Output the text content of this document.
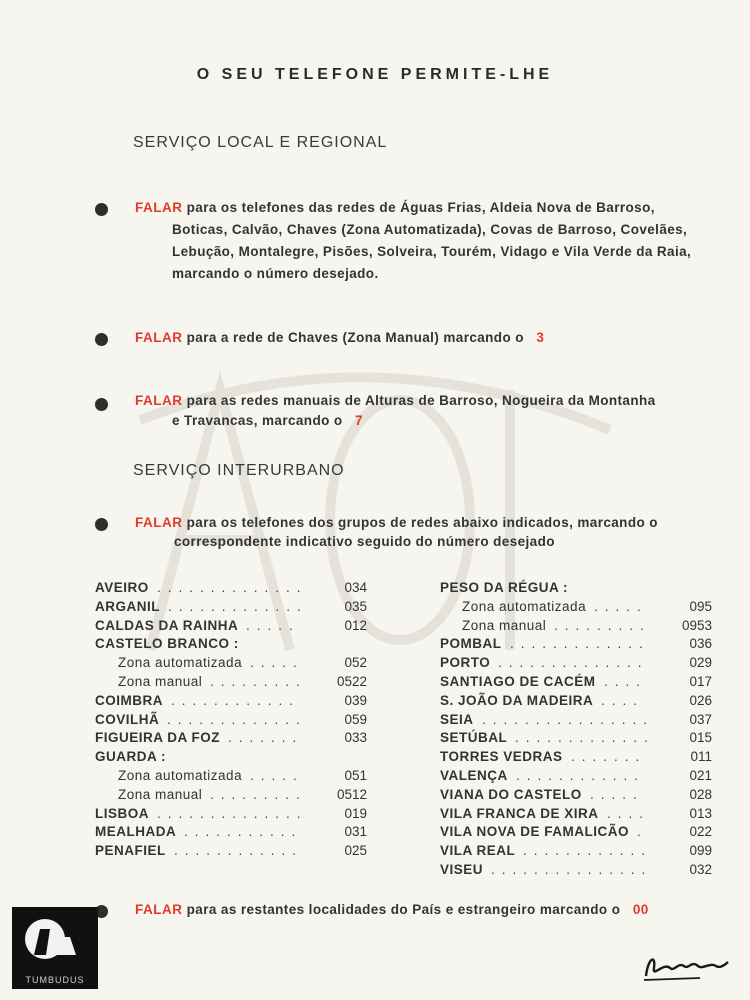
O SEU TELEFONE PERMITE-LHE
SERVIÇO LOCAL E REGIONAL
FALAR para os telefones das redes de Águas Frias, Aldeia Nova de Barroso,
Boticas, Calvão, Chaves (Zona Automatizada), Covas de Barroso, Covelães,
Lebução, Montalegre, Pisões, Solveira, Tourém, Vidago e Vila Verde da Raia,
marcando o número desejado.
FALAR para a rede de Chaves (Zona Manual) marcando o 3
FALAR para as redes manuais de Alturas de Barroso, Nogueira da Montanha
e Travancas, marcando o 7
SERVIÇO INTERURBANO
FALAR para os telefones dos grupos de redes abaixo indicados, marcando o
correspondente indicativo seguido do número desejado
AVEIRO ..............	034
ARGANIL .............	035
CALDAS DA RAINHA .....	012
CASTELO BRANCO :
Zona automatizada .....	052
Zona manual .........	0522
COIMBRA ............	039
COVILHÃ .............	059
FIGUEIRA DA FOZ .......	033
GUARDA :
Zona automatizada .....	051
Zona manual .........	0512
LISBOA ..............	019
MEALHADA ...........	031
PENAFIEL ............	025
PESO DA RÉGUA :
Zona automatizada .....	095
Zona manual .........	0953
POMBAL .............	036
PORTO ..............	029
SANTIAGO DE CACÉM ....	017
S. JOÃO DA MADEIRA ....	026
SEIA ................	037
SETÚBAL .............	015
TORRES VEDRAS .......	011
VALENÇA ............	021
VIANA DO CASTELO .....	028
VILA FRANCA DE XIRA ....	013
VILA NOVA DE FAMALICÃO .	022
VILA REAL ............	099
VISEU ...............	032
FALAR para as restantes localidades do País e estrangeiro marcando o 00
TUMBUDUS
